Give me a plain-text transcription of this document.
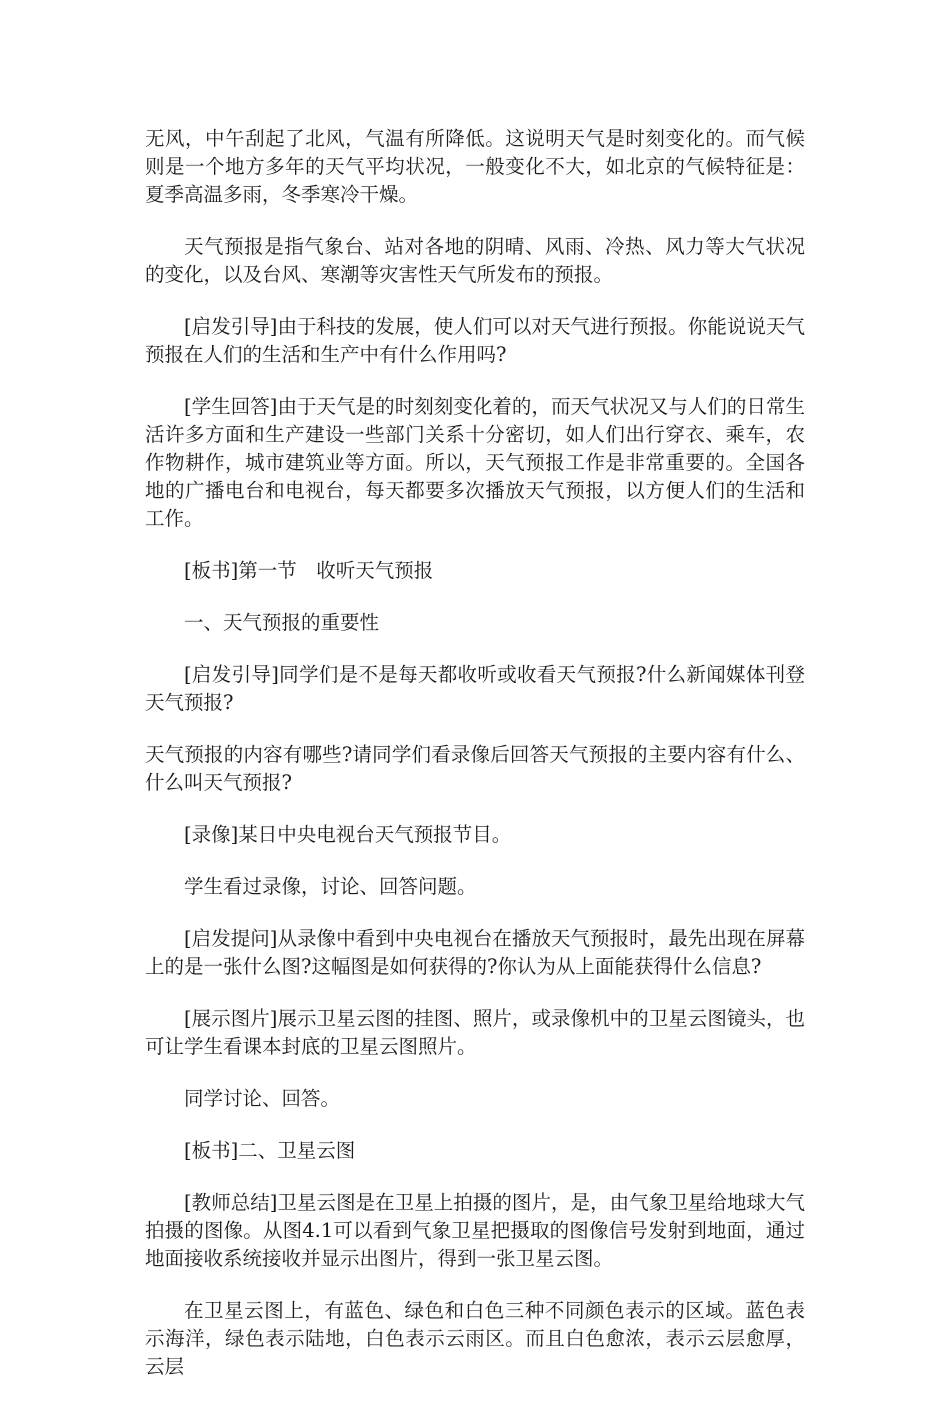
无风，中午刮起了北风，气温有所降低。这说明天气是时刻变化的。而气候则是一个地方多年的天气平均状况，一般变化不大，如北京的气候特征是：夏季高温多雨，冬季寒冷干燥。

天气预报是指气象台、站对各地的阴晴、风雨、冷热、风力等大气状况的变化，以及台风、寒潮等灾害性天气所发布的预报。

[启发引导]由于科技的发展，使人们可以对天气进行预报。你能说说天气预报在人们的生活和生产中有什么作用吗?

[学生回答]由于天气是的时刻刻变化着的，而天气状况又与人们的日常生活许多方面和生产建设一些部门关系十分密切，如人们出行穿衣、乘车，农作物耕作，城市建筑业等方面。所以，天气预报工作是非常重要的。全国各地的广播电台和电视台，每天都要多次播放天气预报，以方便人们的生活和工作。

[板书]第一节　收听天气预报

一、天气预报的重要性

[启发引导]同学们是不是每天都收听或收看天气预报?什么新闻媒体刊登天气预报?

天气预报的内容有哪些?请同学们看录像后回答天气预报的主要内容有什么、什么叫天气预报?

[录像]某日中央电视台天气预报节目。

学生看过录像，讨论、回答问题。

[启发提问]从录像中看到中央电视台在播放天气预报时，最先出现在屏幕上的是一张什么图?这幅图是如何获得的?你认为从上面能获得什么信息?

[展示图片]展示卫星云图的挂图、照片，或录像机中的卫星云图镜头，也可让学生看课本封底的卫星云图照片。

同学讨论、回答。

[板书]二、卫星云图

[教师总结]卫星云图是在卫星上拍摄的图片，是，由气象卫星给地球大气拍摄的图像。从图4.1可以看到气象卫星把摄取的图像信号发射到地面，通过地面接收系统接收并显示出图片，得到一张卫星云图。

在卫星云图上，有蓝色、绿色和白色三种不同颜色表示的区域。蓝色表示海洋，绿色表示陆地，白色表示云雨区。而且白色愈浓，表示云层愈厚，云层
